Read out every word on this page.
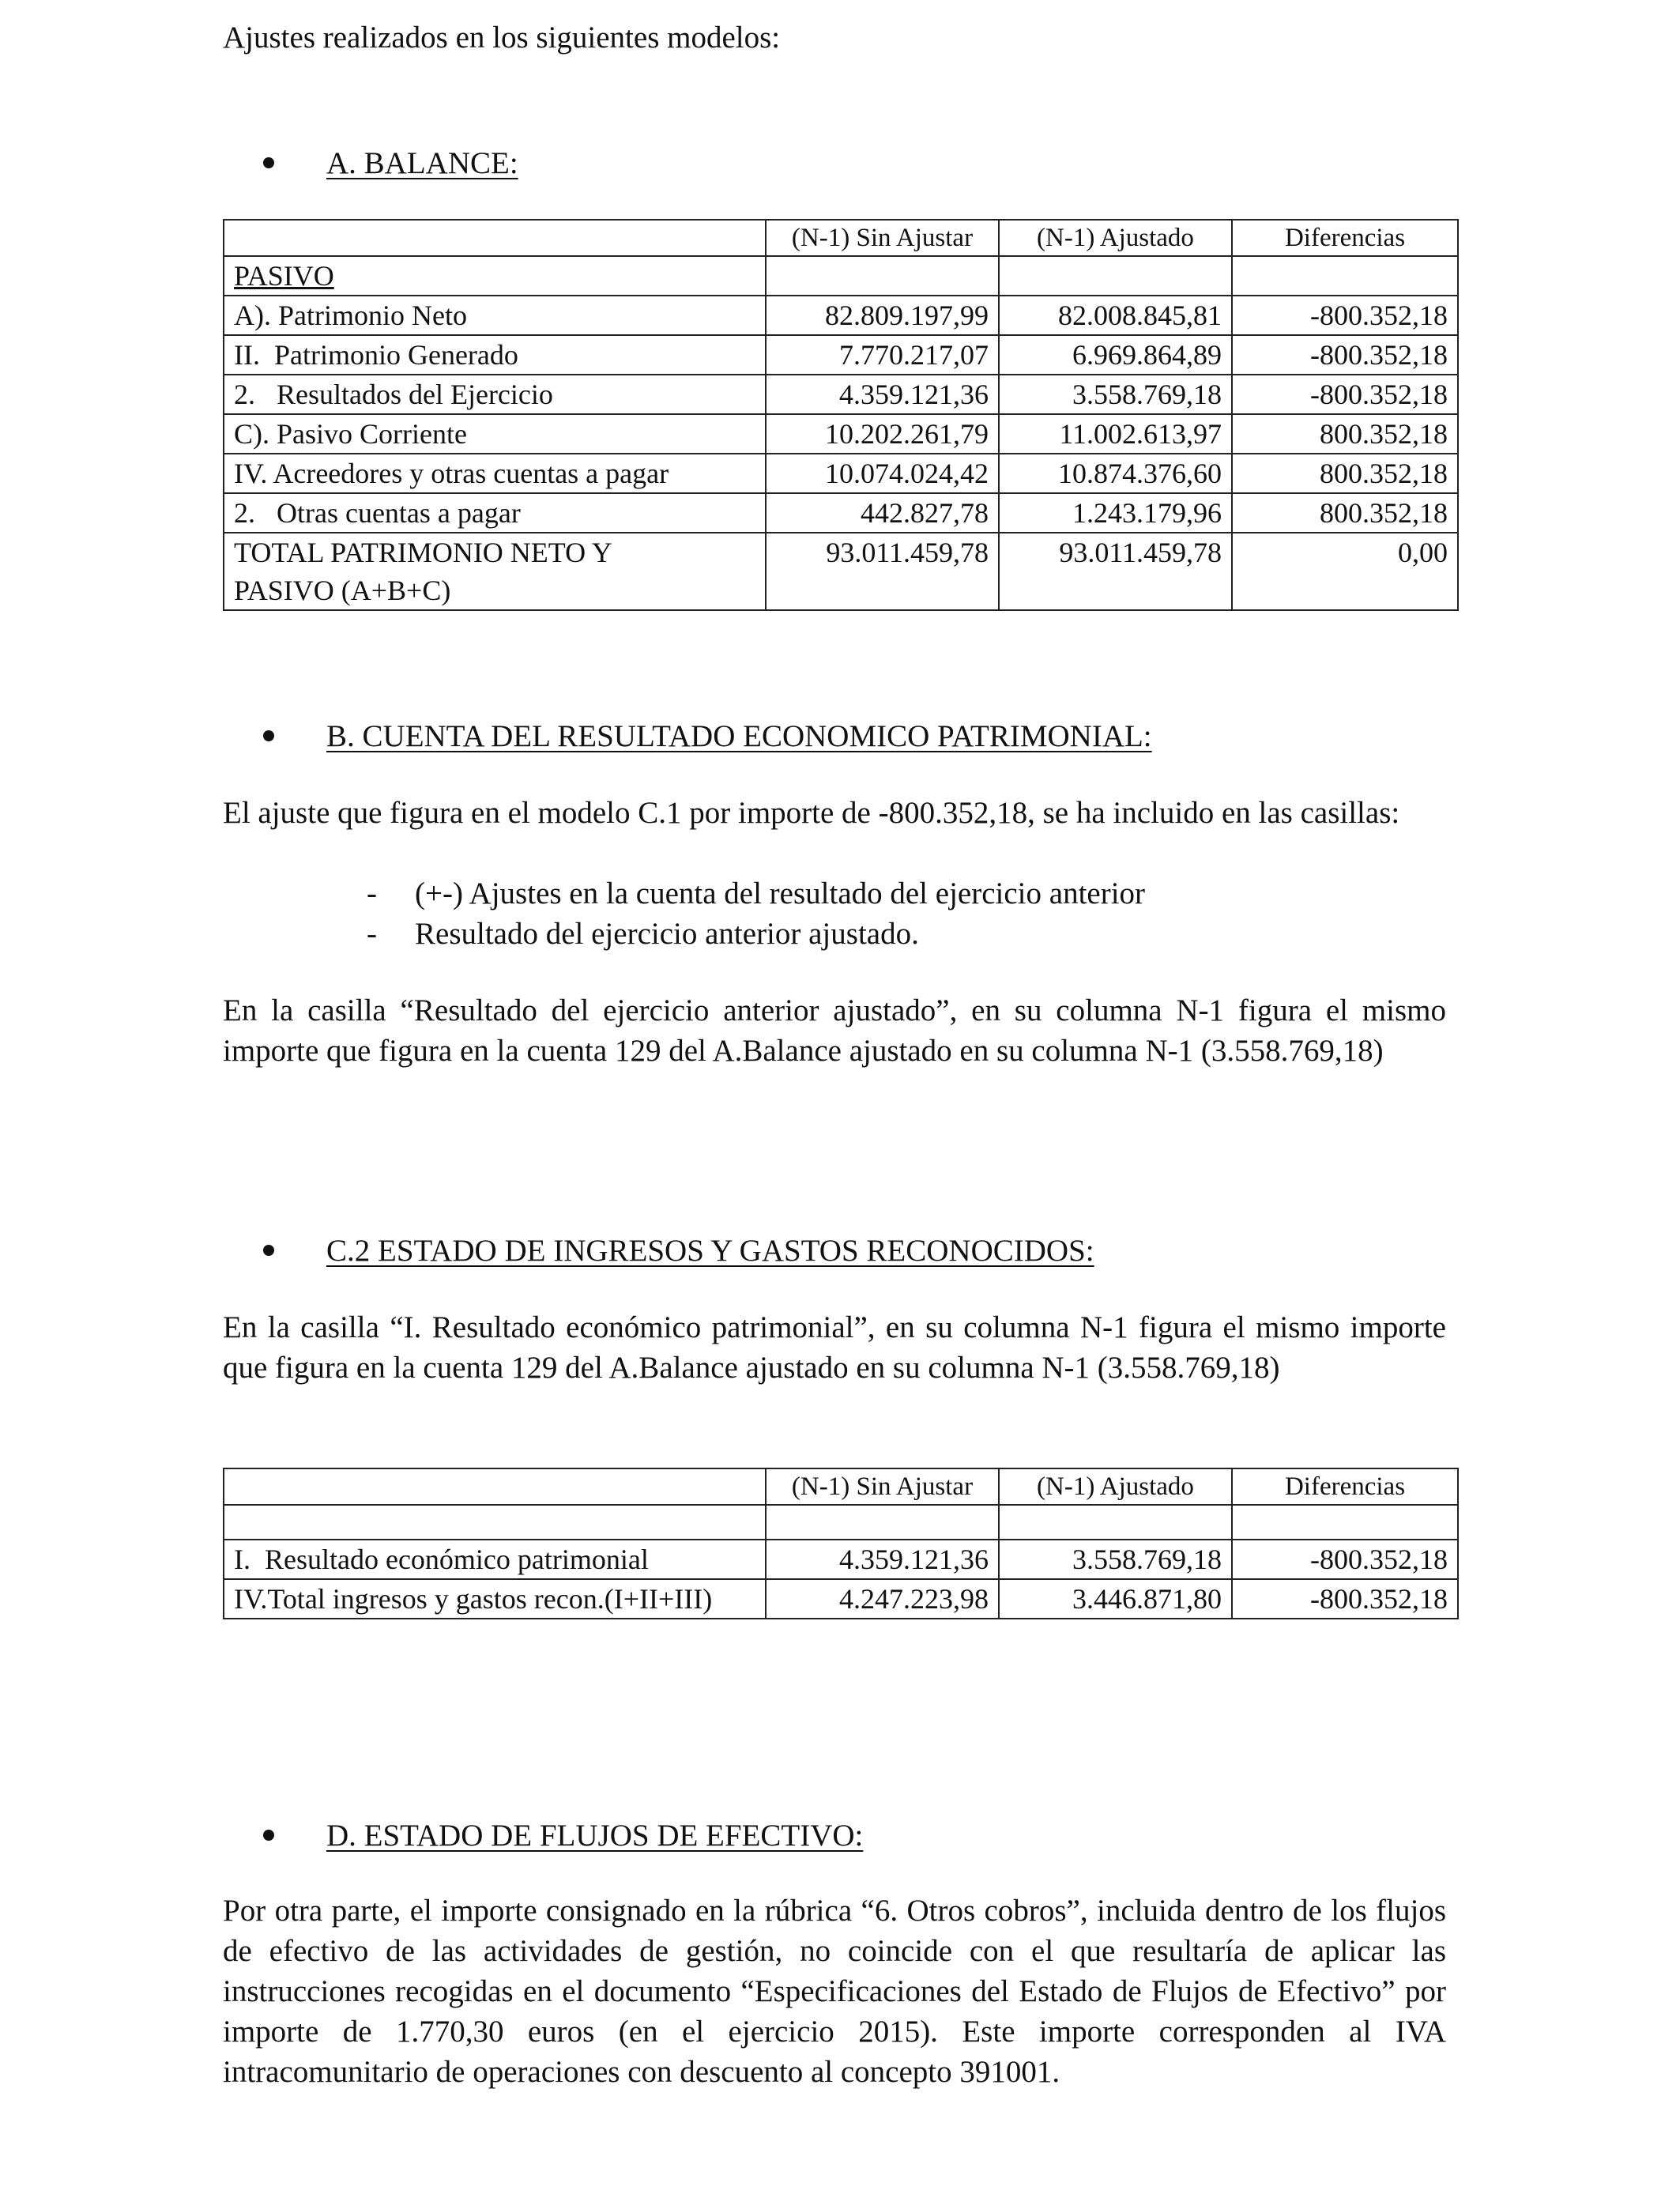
Ajustes realizados en los siguientes modelos:

A. BALANCE:
	(N-1) Sin Ajustar	(N-1) Ajustado	Diferencias
PASIVO			
A). Patrimonio Neto	82.809.197,99	82.008.845,81	-800.352,18
II.  Patrimonio Generado	7.770.217,07	6.969.864,89	-800.352,18
2.   Resultados del Ejercicio	4.359.121,36	3.558.769,18	-800.352,18
C). Pasivo Corriente	10.202.261,79	11.002.613,97	800.352,18
IV. Acreedores y otras cuentas a pagar	10.074.024,42	10.874.376,60	800.352,18
2.   Otras cuentas a pagar	442.827,78	1.243.179,96	800.352,18
TOTAL PATRIMONIO NETO Y PASIVO (A+B+C)	93.011.459,78	93.011.459,78	0,00
B. CUENTA DEL RESULTADO ECONOMICO PATRIMONIAL:

El ajuste que figura en el modelo C.1 por importe de -800.352,18, se ha incluido en las casillas:

- (+-) Ajustes en la cuenta del resultado del ejercicio anterior
- Resultado del ejercicio anterior ajustado.

En la casilla “Resultado del ejercicio anterior ajustado”, en su columna N-1 figura el mismo importe que figura en la cuenta 129 del A.Balance ajustado en su columna N-1 (3.558.769,18)

C.2 ESTADO DE INGRESOS Y GASTOS RECONOCIDOS:

En la casilla “I. Resultado económico patrimonial”, en su columna N-1 figura el mismo importe que figura en la cuenta 129 del A.Balance ajustado en su columna N-1 (3.558.769,18)

	(N-1) Sin Ajustar	(N-1) Ajustado	Diferencias

I.  Resultado económico patrimonial	4.359.121,36	3.558.769,18	-800.352,18
IV.Total ingresos y gastos recon.(I+II+III)	4.247.223,98	3.446.871,80	-800.352,18
D. ESTADO DE FLUJOS DE EFECTIVO:

Por otra parte, el importe consignado en la rúbrica “6. Otros cobros”, incluida dentro de los flujos de efectivo de las actividades de gestión, no coincide con el que resultaría de aplicar las instrucciones recogidas en el documento “Especificaciones del Estado de Flujos de Efectivo” por importe de 1.770,30 euros (en el ejercicio 2015). Este importe corresponden al IVA intracomunitario de operaciones con descuento al concepto 391001.
